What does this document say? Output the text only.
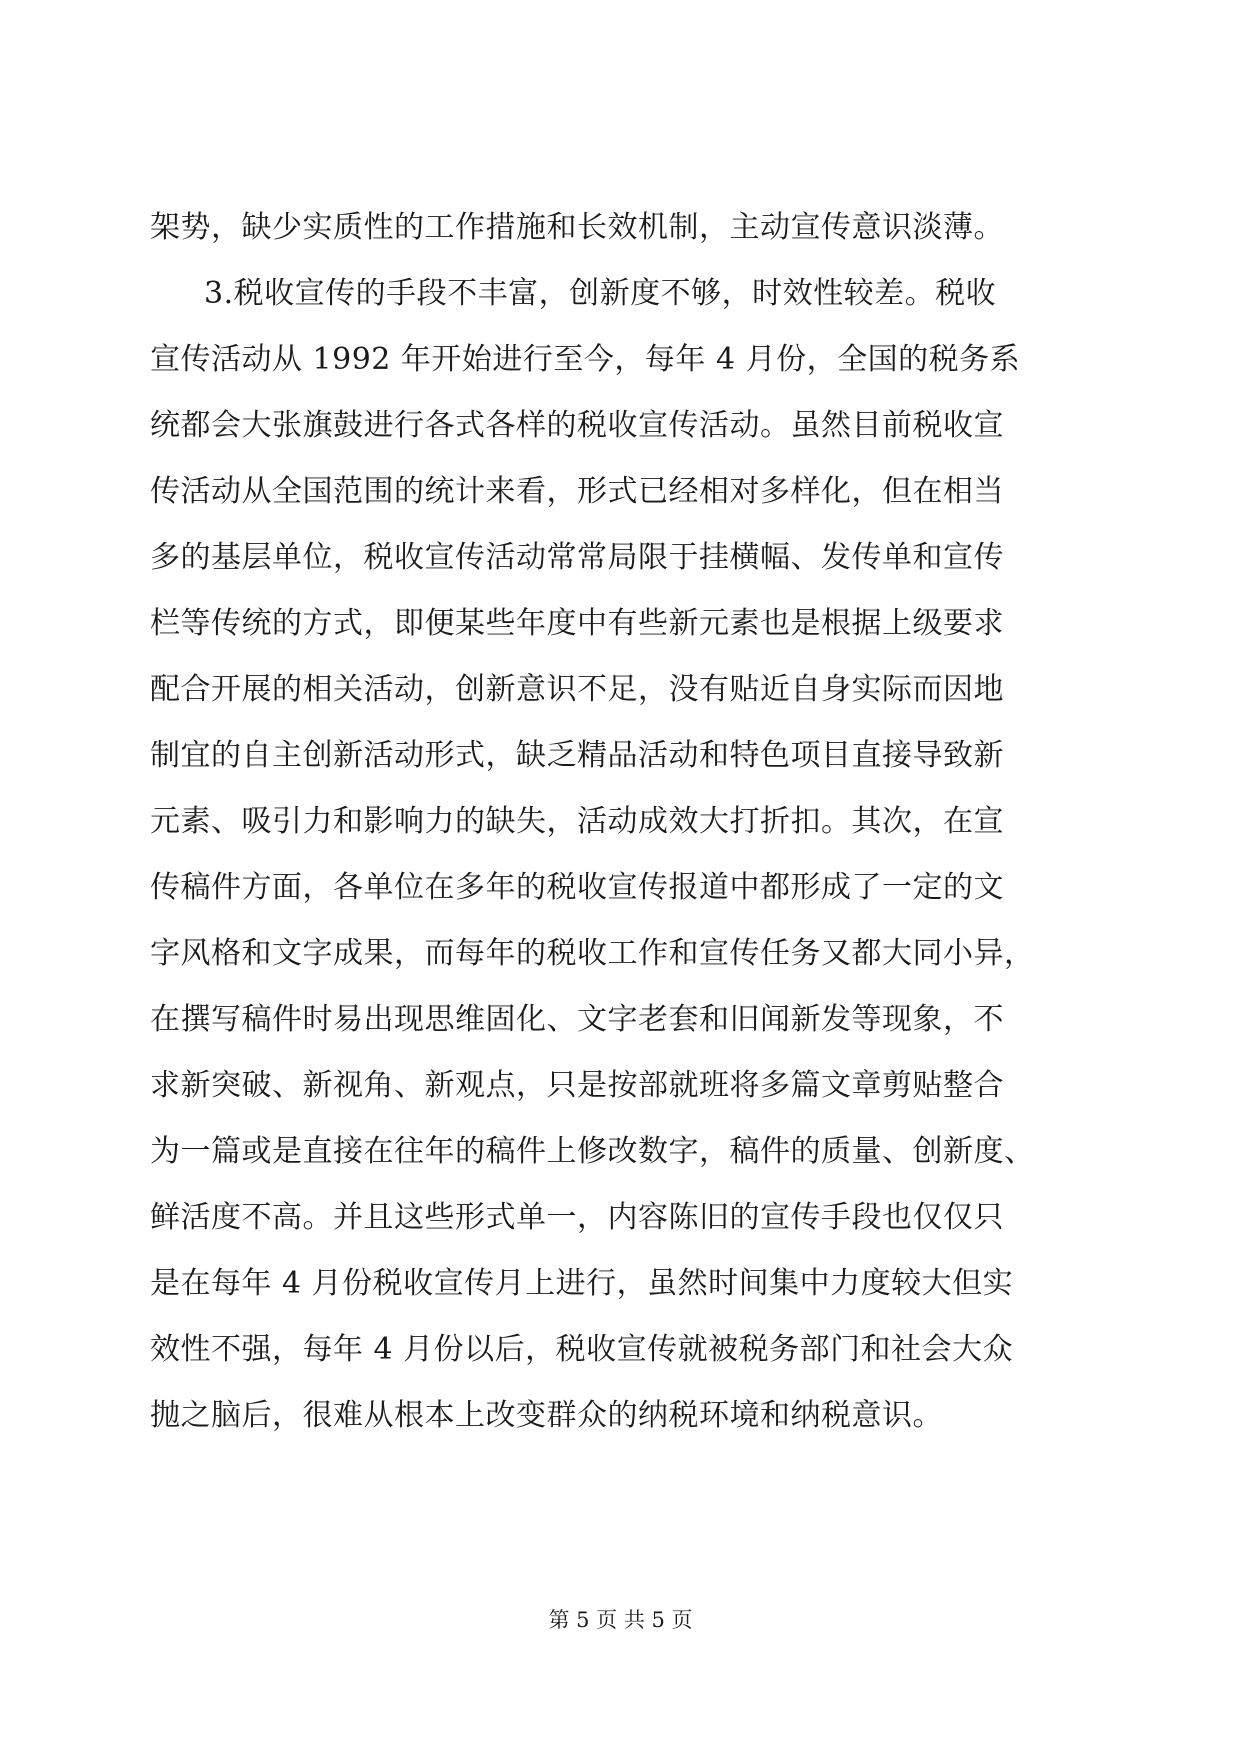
架势，缺少实质性的工作措施和长效机制，主动宣传意识淡薄。
3.税收宣传的手段不丰富，创新度不够，时效性较差。税收
宣传活动从 1992 年开始进行至今，每年 4 月份，全国的税务系
统都会大张旗鼓进行各式各样的税收宣传活动。虽然目前税收宣
传活动从全国范围的统计来看，形式已经相对多样化，但在相当
多的基层单位，税收宣传活动常常局限于挂横幅、发传单和宣传
栏等传统的方式，即便某些年度中有些新元素也是根据上级要求
配合开展的相关活动，创新意识不足，没有贴近自身实际而因地
制宜的自主创新活动形式，缺乏精品活动和特色项目直接导致新
元素、吸引力和影响力的缺失，活动成效大打折扣。其次，在宣
传稿件方面，各单位在多年的税收宣传报道中都形成了一定的文
字风格和文字成果，而每年的税收工作和宣传任务又都大同小异，
在撰写稿件时易出现思维固化、文字老套和旧闻新发等现象，不
求新突破、新视角、新观点，只是按部就班将多篇文章剪贴整合
为一篇或是直接在往年的稿件上修改数字，稿件的质量、创新度、
鲜活度不高。并且这些形式单一，内容陈旧的宣传手段也仅仅只
是在每年 4 月份税收宣传月上进行，虽然时间集中力度较大但实
效性不强，每年 4 月份以后，税收宣传就被税务部门和社会大众
抛之脑后，很难从根本上改变群众的纳税环境和纳税意识。
第 5 页 共 5 页
